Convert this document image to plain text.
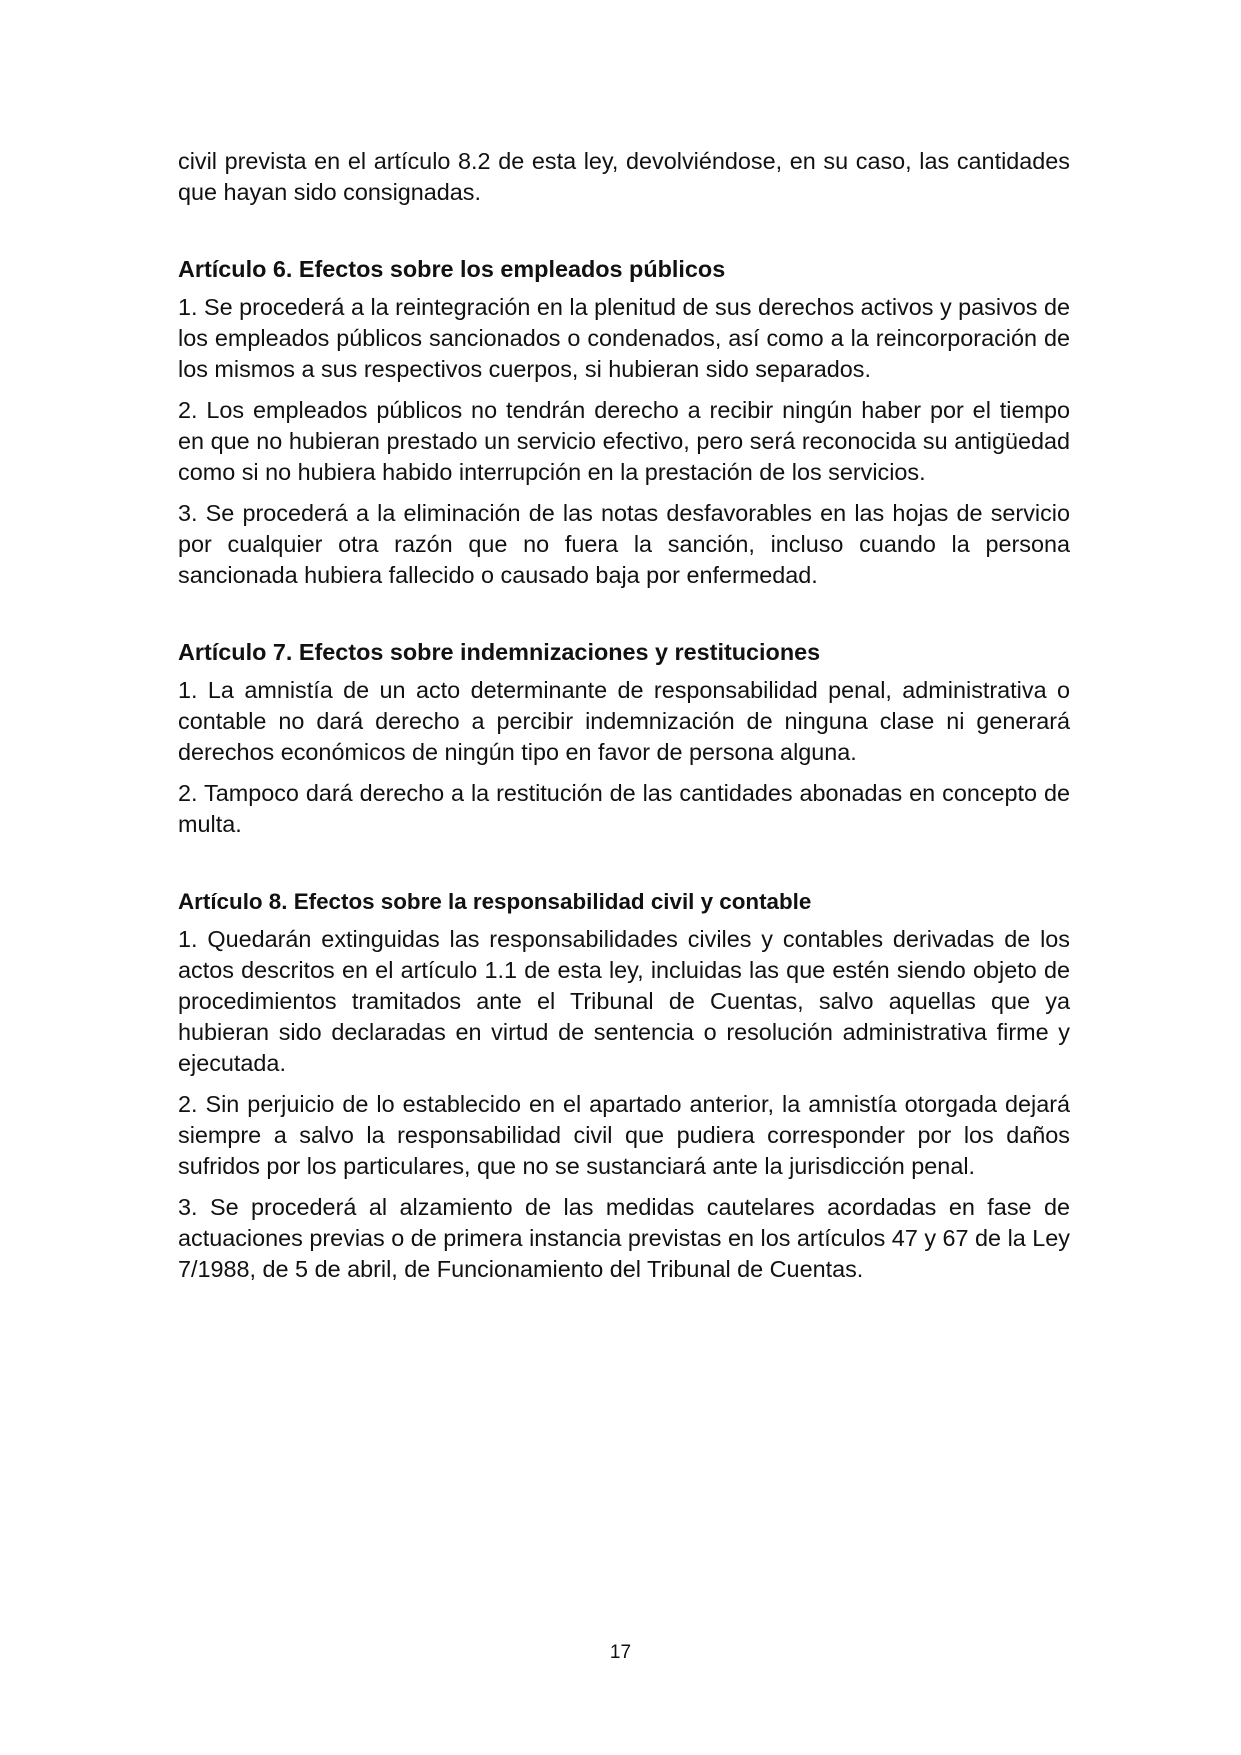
civil prevista en el artículo 8.2 de esta ley, devolviéndose, en su caso, las cantidades que hayan sido consignadas.

Artículo 6. Efectos sobre los empleados públicos

1. Se procederá a la reintegración en la plenitud de sus derechos activos y pasivos de los empleados públicos sancionados o condenados, así como a la reincorporación de los mismos a sus respectivos cuerpos, si hubieran sido separados.

2. Los empleados públicos no tendrán derecho a recibir ningún haber por el tiempo en que no hubieran prestado un servicio efectivo, pero será reconocida su antigüedad como si no hubiera habido interrupción en la prestación de los servicios.

3. Se procederá a la eliminación de las notas desfavorables en las hojas de servicio por cualquier otra razón que no fuera la sanción, incluso cuando la persona sancionada hubiera fallecido o causado baja por enfermedad.

Artículo 7. Efectos sobre indemnizaciones y restituciones

1. La amnistía de un acto determinante de responsabilidad penal, administrativa o contable no dará derecho a percibir indemnización de ninguna clase ni generará derechos económicos de ningún tipo en favor de persona alguna.

2. Tampoco dará derecho a la restitución de las cantidades abonadas en concepto de multa.

Artículo 8. Efectos sobre la responsabilidad civil y contable

1. Quedarán extinguidas las responsabilidades civiles y contables derivadas de los actos descritos en el artículo 1.1 de esta ley, incluidas las que estén siendo objeto de procedimientos tramitados ante el Tribunal de Cuentas, salvo aquellas que ya hubieran sido declaradas en virtud de sentencia o resolución administrativa firme y ejecutada.

2. Sin perjuicio de lo establecido en el apartado anterior, la amnistía otorgada dejará siempre a salvo la responsabilidad civil que pudiera corresponder por los daños sufridos por los particulares, que no se sustanciará ante la jurisdicción penal.

3. Se procederá al alzamiento de las medidas cautelares acordadas en fase de actuaciones previas o de primera instancia previstas en los artículos 47 y 67 de la Ley 7/1988, de 5 de abril, de Funcionamiento del Tribunal de Cuentas.

17
